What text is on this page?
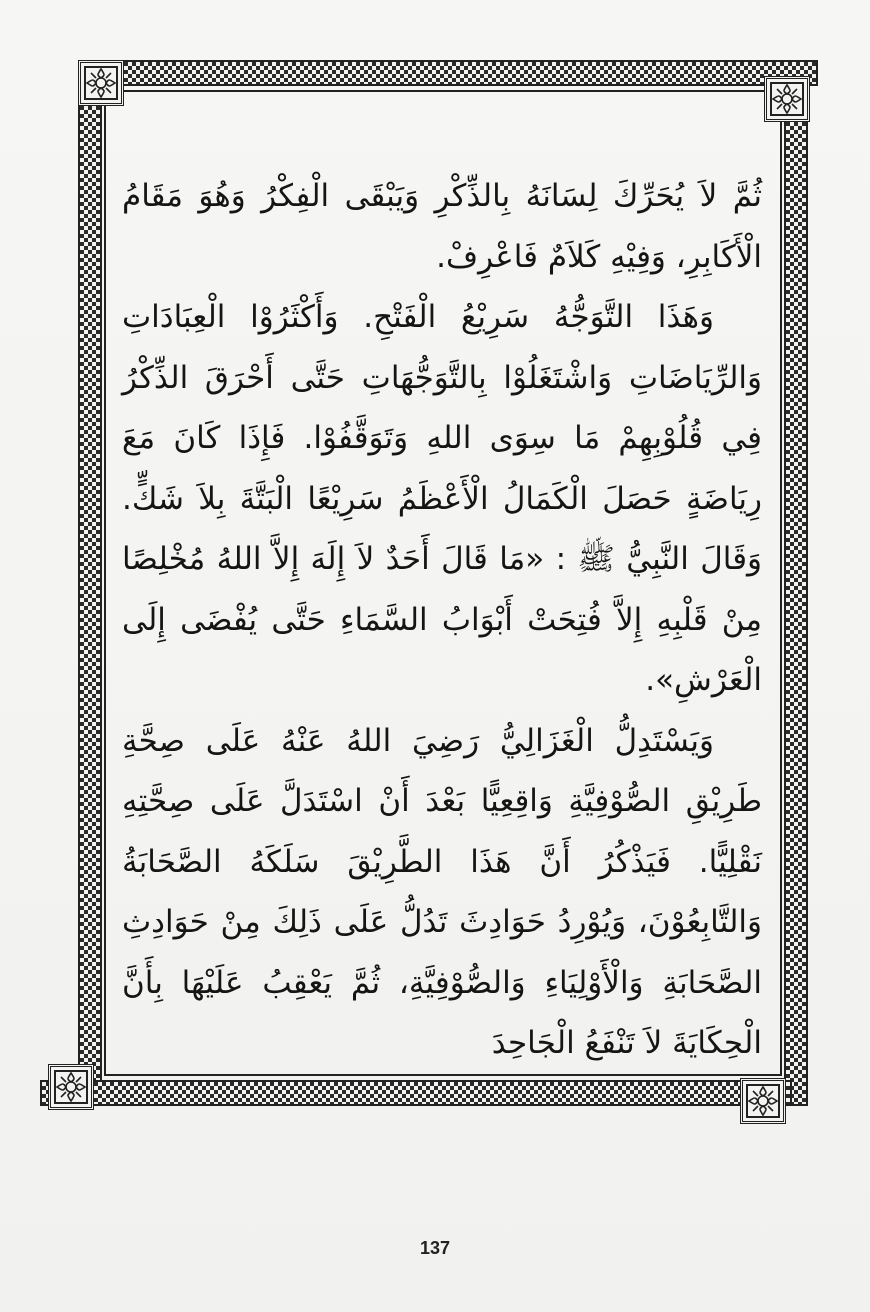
ثُمَّ لاَ يُحَرِّكَ لِسَانَهُ بِالذِّكْرِ وَيَبْقَى الْفِكْرُ وَهُوَ مَقَامُ الْأَكَابِرِ، وَفِيْهِ كَلاَمٌ فَاعْرِفْ.

وَهَذَا التَّوَجُّهُ سَرِيْعُ الْفَتْحِ. وَأَكْثَرُوْا الْعِبَادَاتِ وَالرِّيَاضَاتِ وَاشْتَغَلُوْا بِالتَّوَجُّهَاتِ حَتَّى أَحْرَقَ الذِّكْرُ فِي قُلُوْبِهِمْ مَا سِوَى اللهِ وَتَوَقَّفُوْا. فَإِذَا كَانَ مَعَ رِيَاضَةٍ حَصَلَ الْكَمَالُ الْأَعْظَمُ سَرِيْعًا الْبَتَّةَ بِلاَ شَكٍّ. وَقَالَ النَّبِيُّ ﷺ : «مَا قَالَ أَحَدٌ لاَ إِلَهَ إِلاَّ اللهُ مُخْلِصًا مِنْ قَلْبِهِ إِلاَّ فُتِحَتْ أَبْوَابُ السَّمَاءِ حَتَّى يُفْضَى إِلَى الْعَرْشِ».

وَيَسْتَدِلُّ الْغَزَالِيُّ رَضِيَ اللهُ عَنْهُ عَلَى صِحَّةِ طَرِيْقِ الصُّوْفِيَّةِ وَاقِعِيًّا بَعْدَ أَنْ اسْتَدَلَّ عَلَى صِحَّتِهِ نَقْلِيًّا. فَيَذْكُرُ أَنَّ هَذَا الطَّرِيْقَ سَلَكَهُ الصَّحَابَةُ وَالتَّابِعُوْنَ، وَيُوْرِدُ حَوَادِثَ تَدُلُّ عَلَى ذَلِكَ مِنْ حَوَادِثِ الصَّحَابَةِ وَالْأَوْلِيَاءِ وَالصُّوْفِيَّةِ، ثُمَّ يَعْقِبُ عَلَيْهَا بِأَنَّ الْحِكَايَةَ لاَ تَنْفَعُ الْجَاحِدَ

137
